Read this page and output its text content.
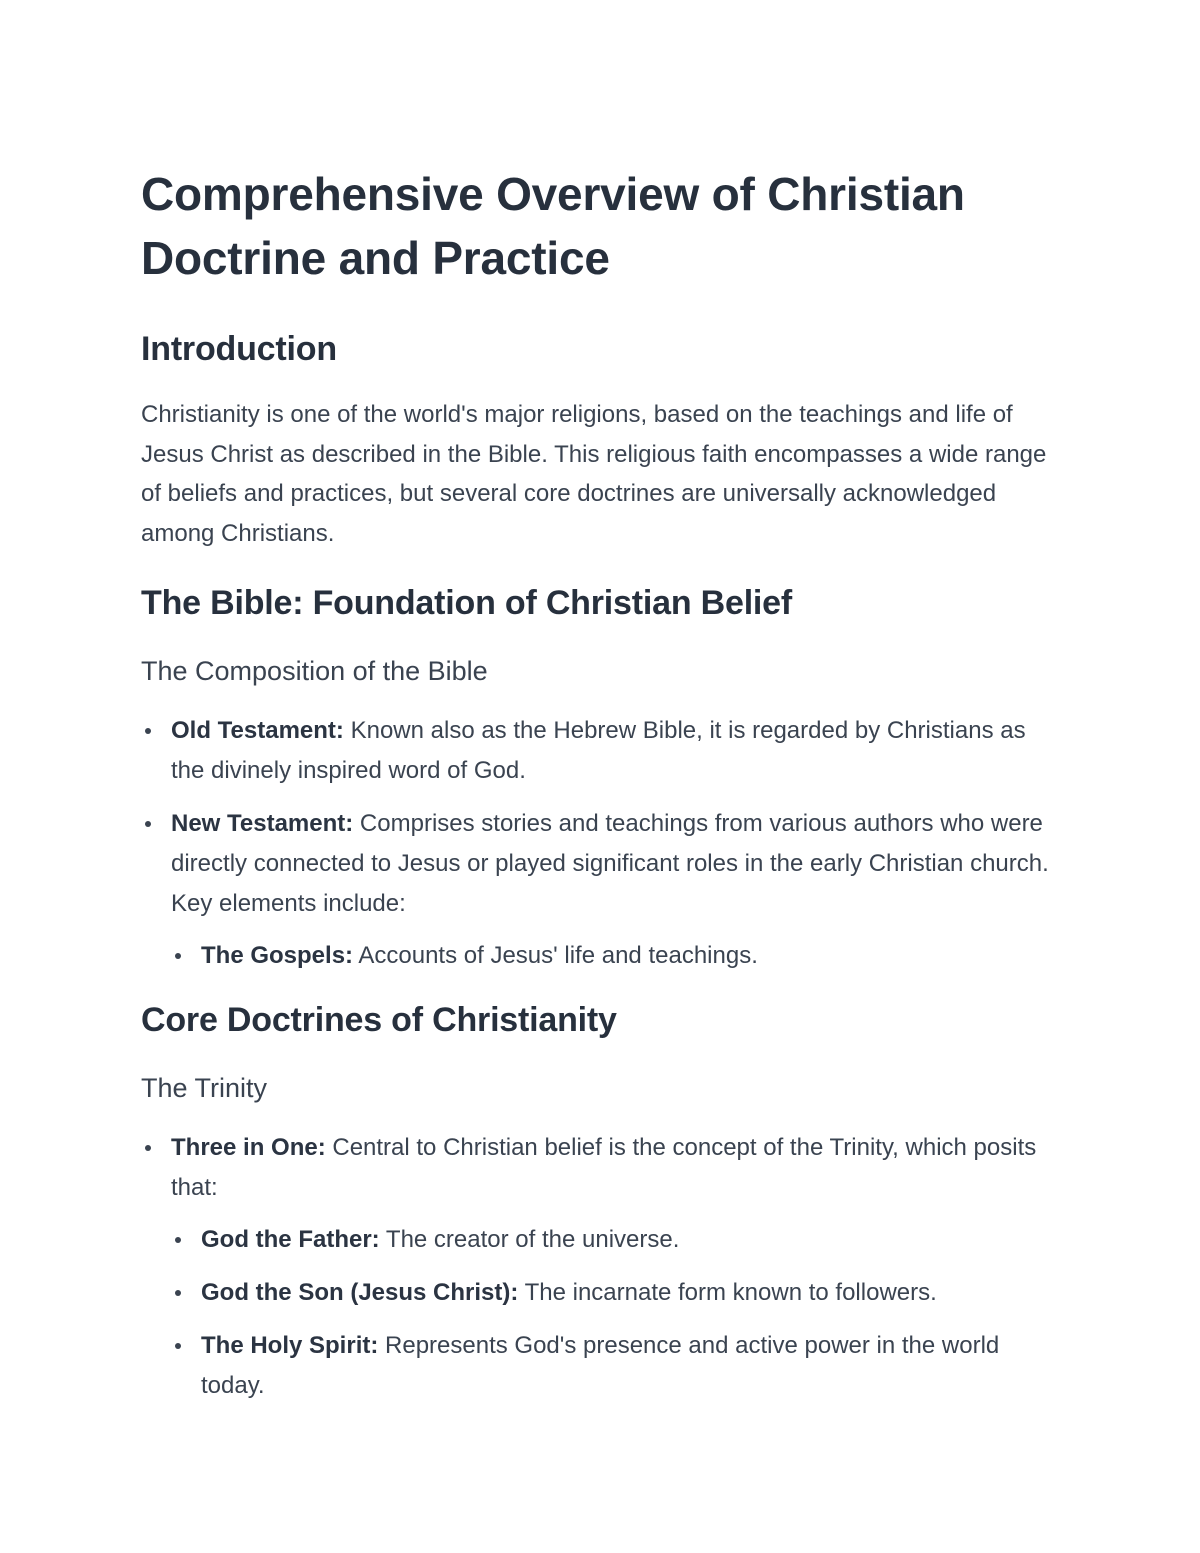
Comprehensive Overview of Christian Doctrine and Practice
Introduction

Christianity is one of the world's major religions, based on the teachings and life of Jesus Christ as described in the Bible. This religious faith encompasses a wide range of beliefs and practices, but several core doctrines are universally acknowledged among Christians.

The Bible: Foundation of Christian Belief
The Composition of the Bible
Old Testament: Known also as the Hebrew Bible, it is regarded by Christians as the divinely inspired word of God.
New Testament: Comprises stories and teachings from various authors who were directly connected to Jesus or played significant roles in the early Christian church. Key elements include:
The Gospels: Accounts of Jesus' life and teachings.
Core Doctrines of Christianity
The Trinity
Three in One: Central to Christian belief is the concept of the Trinity, which posits that:
God the Father: The creator of the universe.
God the Son (Jesus Christ): The incarnate form known to followers.
The Holy Spirit: Represents God's presence and active power in the world today.
